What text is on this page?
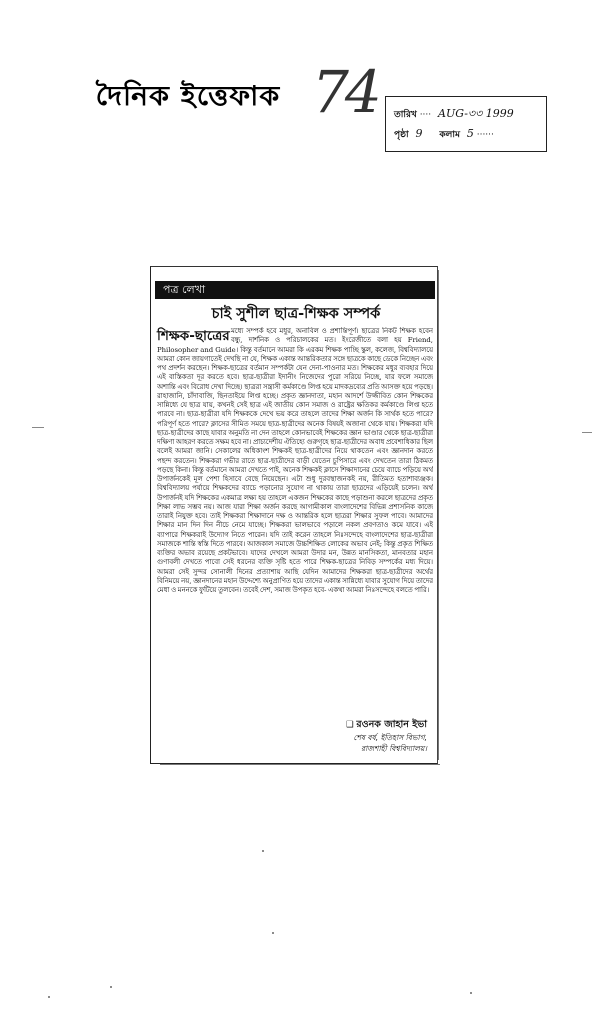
দৈনিক ইত্তেফাক 74 তারিখ ···· AUG-৩৩ 1999
পৃষ্ঠা 9 কলাম 5 ······
পত্র লেখা
চাই সুশীল ছাত্র-শিক্ষক সম্পর্ক
শিক্ষক-ছাত্রের মধ্যে সম্পর্ক হবে মধুর, অনাবিল ও প্রশান্তিপূর্ণ। ছাত্রের নিকট শিক্ষক হবেন বন্ধু, দার্শনিক ও পরিচালকের মত। ইংরেজীতে বলা হয় Friend, Philosopher and Guide। কিন্তু বর্তমানে আমরা কি এরকম শিক্ষক পাচ্ছি স্কুল, কলেজ, বিশ্ববিদ্যালয়ে আমরা কোন জায়গাতেই দেখছি না যে, শিক্ষক একান্ত আন্তরিকতার সঙ্গে ছাত্রকে কাছে ডেকে নিচ্ছেন এবং পথ প্রদর্শন করছেন। শিক্ষক-ছাত্রের বর্তমান সম্পর্কটা যেন দেনা-পাওনার মত। শিক্ষকের মধুর ব্যবহার দিয়ে এই বাস্তিকতা দূর করতে হবে। ছাত্র-ছাত্রীরা ইদানীং নিজেদের পুরো সরিয়ে নিচ্ছে, যার ফলে সমাজে অশান্তি এবং বিরোধ দেখা দিচ্ছে। ছাত্ররা সন্ত্রাসী কর্মকাণ্ডে লিপ্ত হয়ে মাদকদ্রব্যের প্রতি আসক্ত হয়ে পড়ছে। রাহাজানি, চাঁদাবাজি, ছিনতাইয়ে লিপ্ত হচ্ছে। প্রকৃত জ্ঞানদাতা, মহান আদর্শে উজ্জীবিত কোন শিক্ষকের সান্নিধ্যে যে ছাত্র যায়, কখনই সেই ছাত্র এই জাতীয় কোন সমাজ ও রাষ্ট্রের ক্ষতিকর কর্মকাণ্ডে লিপ্ত হতে পারবে না। ছাত্র-ছাত্রীরা যদি শিক্ষককে দেখে ভয় করে তাহলে তাদের শিক্ষা অর্জন কি সার্থক হতে পারে? পরিপূর্ণ হতে পারে? ক্লাসের সীমিত সময়ে ছাত্র-ছাত্রীদের অনেক বিষয়ই অজানা থেকে যায়। শিক্ষকরা যদি ছাত্র-ছাত্রীদের কাছে যাবার অনুমতি না দেন তাহলে কোনভাবেই শিক্ষকের জ্ঞান ভাণ্ডার থেকে ছাত্র-ছাত্রীরা দক্ষিণা আহরণ করতে সক্ষম হবে না। প্রাচ্যদেশীয় ঐতিহ্যে গুরুগৃহে ছাত্র-ছাত্রীদের অবাধ প্রবেশাধিকার ছিল বলেই আমরা জানি। সেকালের অধিকাংশ শিক্ষকই ছাত্র-ছাত্রীদের নিয়ে থাকতেন এবং জ্ঞানদান করতে পছন্দ করতেন। শিক্ষকরা গভীর রাতে ছাত্র-ছাত্রীদের বাড়ী যেতেন চুপিসারে এবং দেখতেন তারা ঠিকমত পড়ছে কিনা। কিন্তু বর্তমানে আমরা দেখতে পাই, অনেক শিক্ষকই ক্লাসে শিক্ষাদানের চেয়ে ব্যাচে পড়িয়ে অর্থ উপার্জনকেই মূল পেশা হিসাবে বেছে নিয়েছেন। এটা শুধু দুরবস্থাজনকই নয়, রীতিমত হতাশাব্যঞ্জক। বিশ্ববিদ্যালয় পর্যায়ে শিক্ষকদের ব্যাচে পড়ানোর সুযোগ না থাকায় তারা ছাত্রদের এড়িয়েই চলেন। অর্থ উপার্জনই যদি শিক্ষকের একমাত্র লক্ষ্য হয় তাহলে একজন শিক্ষকের কাছে পড়াশুনা করলে ছাত্রদের প্রকৃত শিক্ষা লাভ সম্ভব নয়। আজ যারা শিক্ষা অর্জন করছে আগামীকাল বাংলাদেশের বিভিন্ন প্রশাসনিক কাজে তারাই নিযুক্ত হবে। তাই শিক্ষকরা শিক্ষাদানে দক্ষ ও আন্তরিক হলে ছাত্ররা শিক্ষার সুফল পাবে। আমাদের শিক্ষার মান দিন দিন নীচে নেমে যাচ্ছে। শিক্ষকরা ভালভাবে পড়ালে নকল প্রবণতাও কমে যাবে। এই ব্যাপারে শিক্ষকরাই উদ্যোগ নিতে পারেন। যদি তাই করেন তাহলে নিঃসন্দেহে বাংলাদেশের ছাত্র-ছাত্রীরা সমাজকে শান্তি স্বস্তি দিতে পারবে। আজকাল সমাজে উচ্চশিক্ষিত লোকের অভাব নেই; কিন্তু প্রকৃত শিক্ষিত ব্যক্তির অভাব রয়েছে প্রকটভাবে। যাদের দেখলে আমরা উদার মন, উন্নত মানসিকতা, মানবতার মহান গুণাবলী দেখতে পাবো সেই ধরনের ব্যক্তি সৃষ্টি হতে পারে শিক্ষক-ছাত্রের নিবিড় সম্পর্কের মধ্য দিয়ে। আমরা সেই সুন্দর সোনালী দিনের প্রত্যাশায় আছি যেদিন আমাদের শিক্ষকরা ছাত্র-ছাত্রীদের অর্থের বিনিময়ে নয়, জ্ঞানদানের মহান উদ্দেশ্যে অনুপ্রাণিত হয়ে তাদের একান্ত সান্নিধ্যে যাবার সুযোগ দিয়ে তাদের মেধা ও মননকে ফুটিয়ে তুলবেন। তবেই দেশ, সমাজ উপকৃত হবে- একথা আমরা নিঃসন্দেহে বলতে পারি।

❑ রওনক জাহান ইভা
শেষ বর্ষ, ইতিহাস বিভাগ,
রাজশাহী বিশ্ববিদ্যালয়।
